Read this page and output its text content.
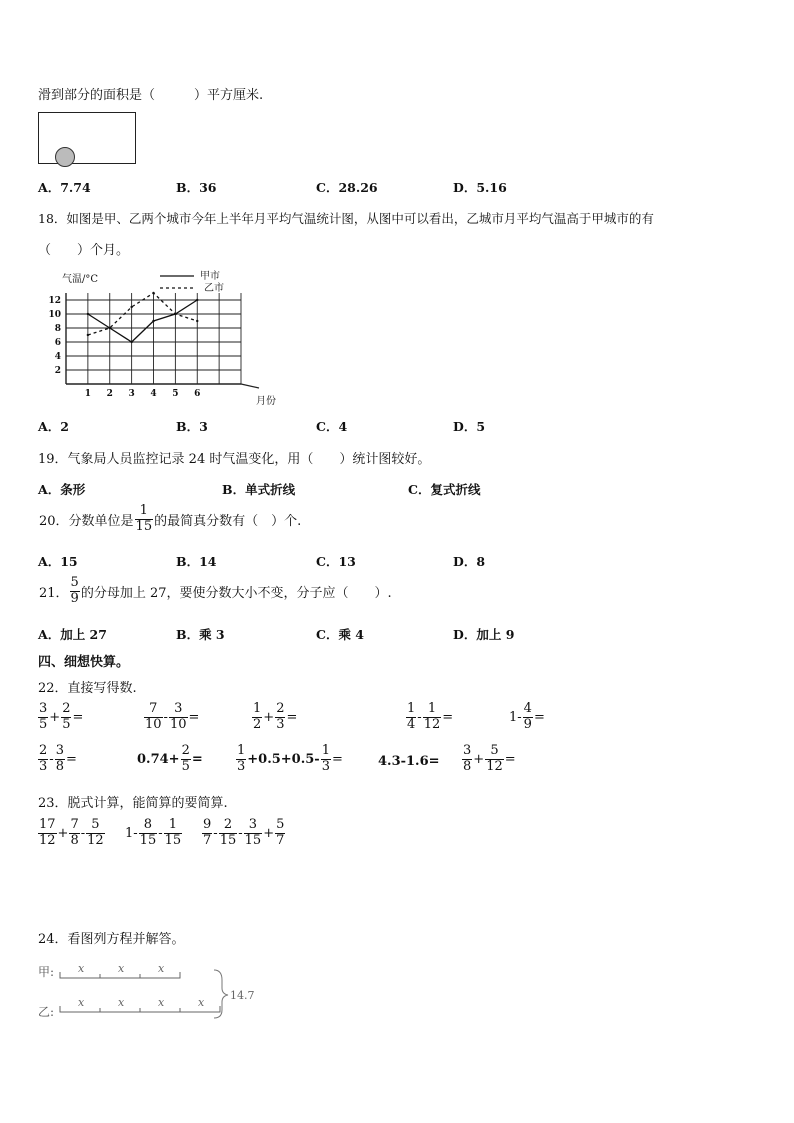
滑到部分的面积是（　　　）平方厘米.
A．7.74	B．36	C．28.26	D．5.16
18．如图是甲、乙两个城市今年上半年月平均气温统计图，从图中可以看出，乙城市月平均气温高于甲城市的有
（　　）个月。
2
4
6
8
10
12
1 2 3 4 5 6
气温/°C
月份
甲市
乙市
A．2	B．3	C．4	D．5
19．气象局人员监控记录 24 时气温变化，用（　　）统计图较好。
A．条形	B．单式折线	C．复式折线
20．分数单位是 $\frac{1}{15}$ 的最简真分数有（　）个.
A．15	B．14	C．13	D．8
21． $\frac{5}{9}$ 的分母加上 27，要使分数大小不变，分子应（　　）.
A．加上 27	B．乘 3	C．乘 4	D．加上 9
四、细想快算。
22．直接写得数.
$\frac{3}{5} + \frac{2}{5}$ =	$\frac{7}{10} - \frac{3}{10}$ =	$\frac{1}{2} + \frac{2}{3}$ =	$\frac{1}{4} - \frac{1}{12}$ =	$1- \frac{4}{9}$ =
$\frac{2}{3} - \frac{3}{8}$ =	$0.74+ \frac{2}{5}$ =	$\frac{1}{3} +0.5+0.5- \frac{1}{3}$ =	$4.3-1.6= \frac{3}{8} + \frac{5}{12}$ =
23．脱式计算，能简算的要简算.
$\frac{17}{12} + \frac{7}{8} - \frac{5}{12} 1- \frac{8}{15} - \frac{1}{15} \frac{9}{7} - \frac{2}{15} - \frac{3}{15} + \frac{5}{7}$
24．看图列方程并解答。
甲:
乙:
x	x	x
x	x	x	x
14.7
